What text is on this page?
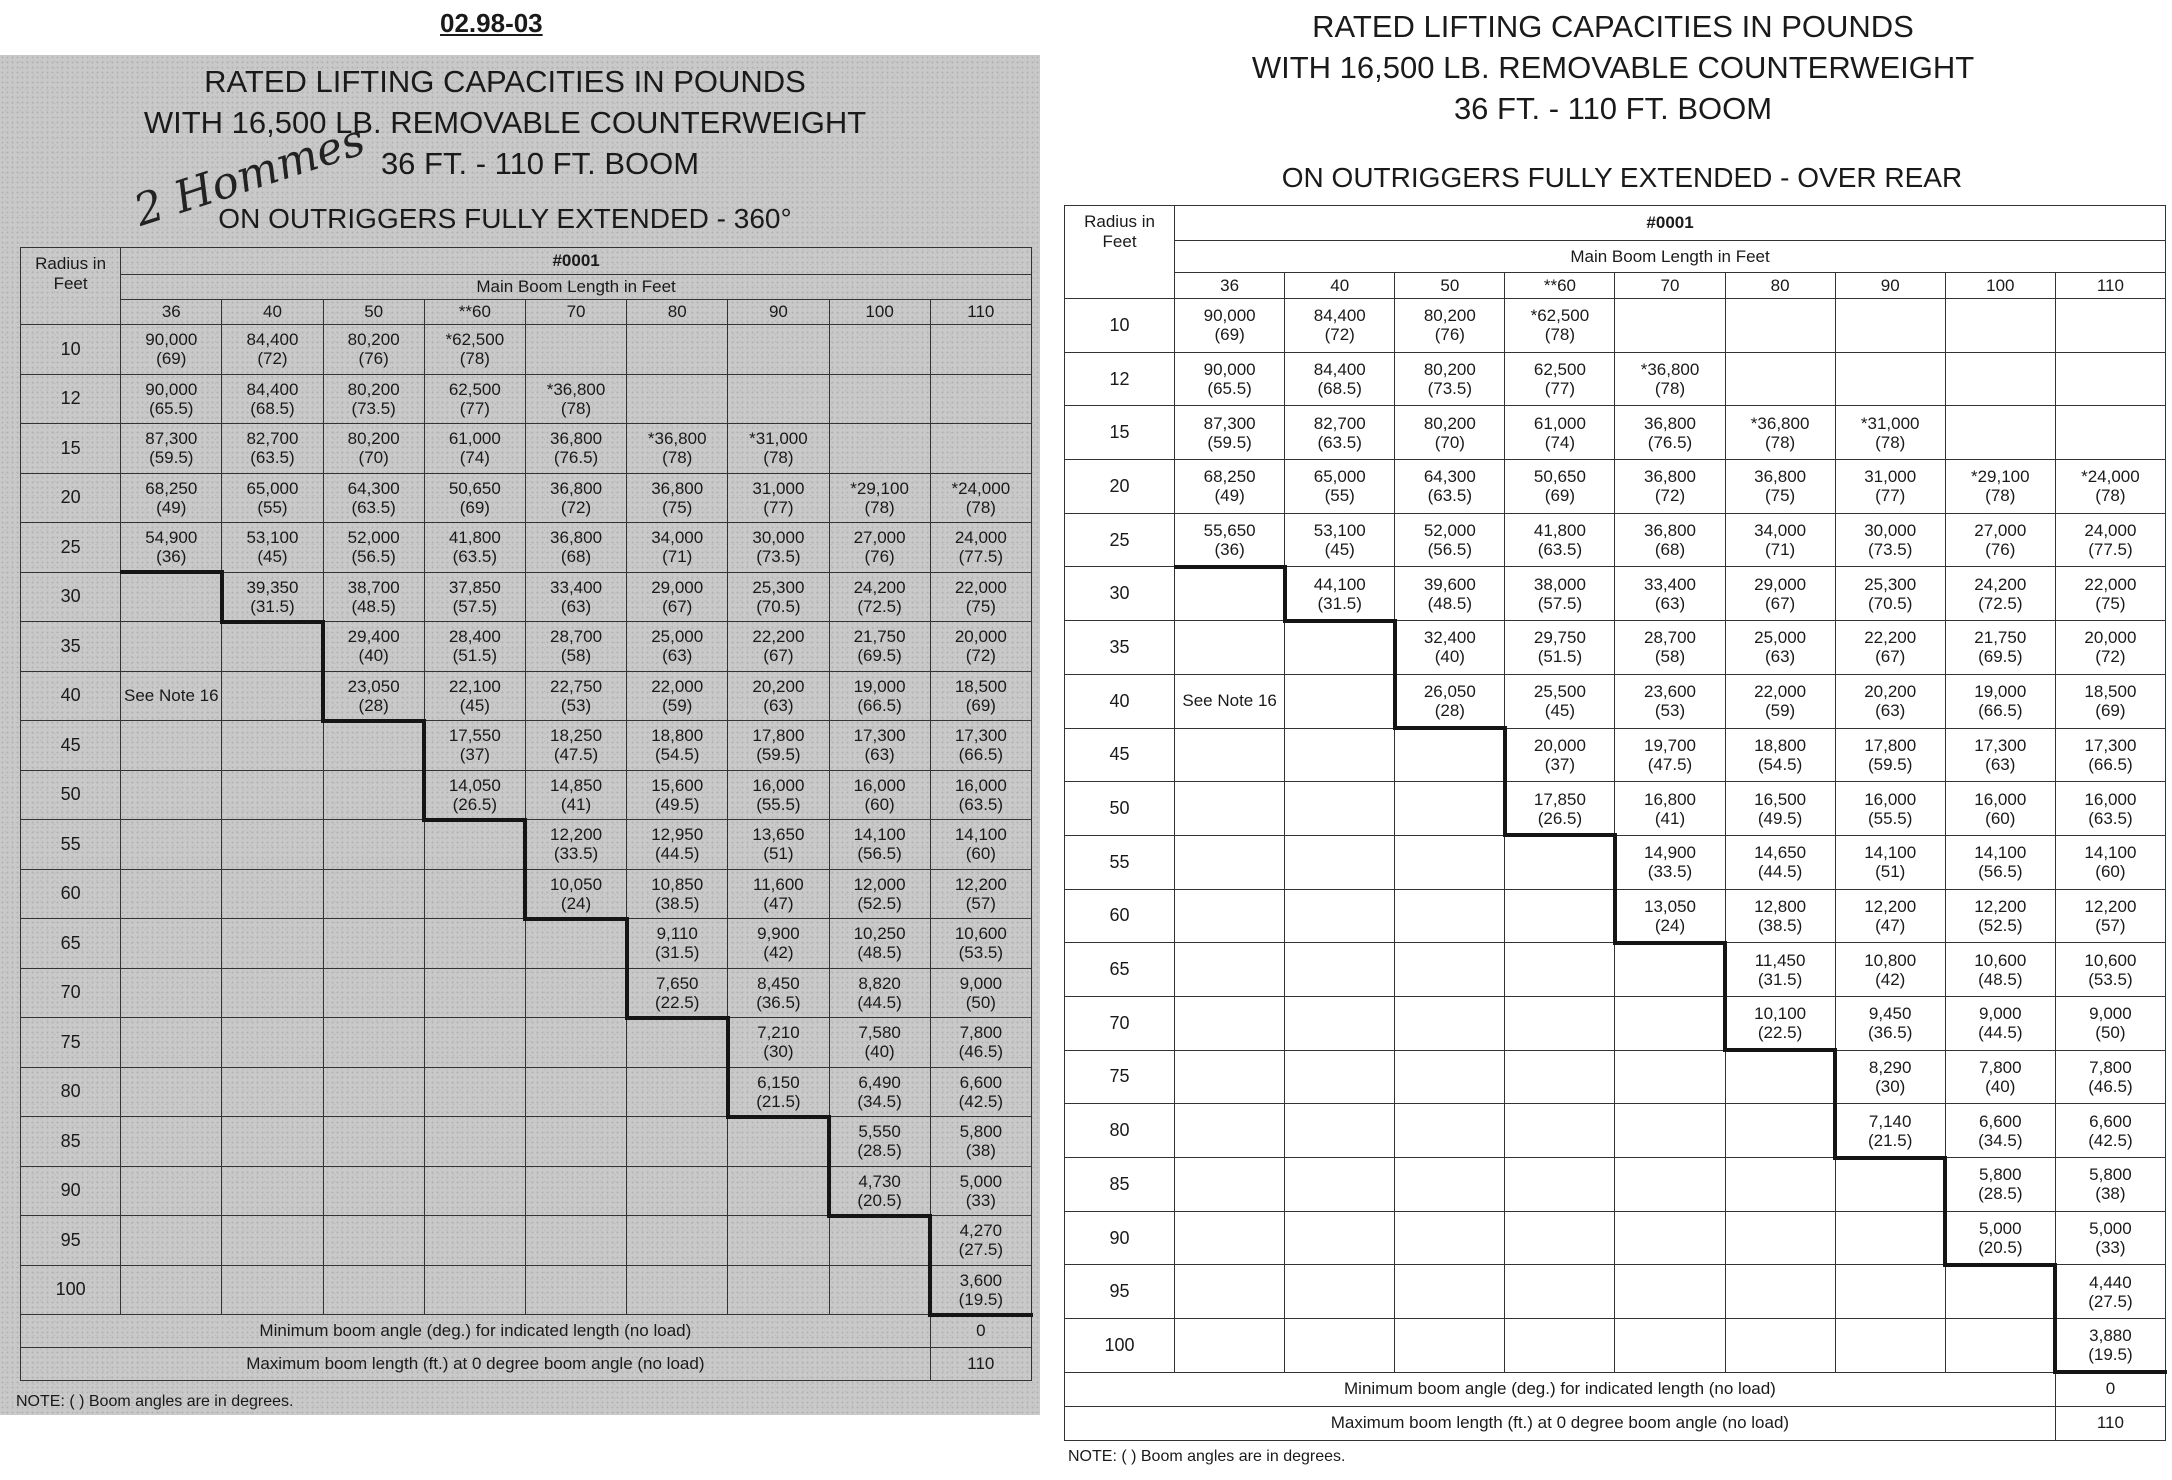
02.98-03
RATED LIFTING CAPACITIES IN POUNDS
WITH 16,500 LB. REMOVABLE COUNTERWEIGHT
36 FT. - 110 FT. BOOM
2 Hommes
ON OUTRIGGERS FULLY EXTENDED - 360°
Radius in Feet	#0001								
	Main Boom Length in Feet								
	36	40	50	**60	70	80	90	100	110
10	90,000
(69)	84,400
(72)	80,200
(76)	*62,500
(78)					

12	90,000
(65.5)	84,400
(68.5)	80,200
(73.5)	62,500
(77)	*36,800
(78)				

15	87,300
(59.5)	82,700
(63.5)	80,200
(70)	61,000
(74)	36,800
(76.5)	*36,800
(78)	*31,000
(78)		

20	68,250
(49)	65,000
(55)	64,300
(63.5)	50,650
(69)	36,800
(72)	36,800
(75)	31,000
(77)	*29,100
(78)	*24,000
(78)

25	54,900
(36)	53,100
(45)	52,000
(56.5)	41,800
(63.5)	36,800
(68)	34,000
(71)	30,000
(73.5)	27,000
(76)	24,000
(77.5)

30		39,350
(31.5)	38,700
(48.5)	37,850
(57.5)	33,400
(63)	29,000
(67)	25,300
(70.5)	24,200
(72.5)	22,000
(75)

35			29,400
(40)	28,400
(51.5)	28,700
(58)	25,000
(63)	22,200
(67)	21,750
(69.5)	20,000
(72)

40	See Note 16		23,050
(28)	22,100
(45)	22,750
(53)	22,000
(59)	20,200
(63)	19,000
(66.5)	18,500
(69)

45				17,550
(37)	18,250
(47.5)	18,800
(54.5)	17,800
(59.5)	17,300
(63)	17,300
(66.5)

50				14,050
(26.5)	14,850
(41)	15,600
(49.5)	16,000
(55.5)	16,000
(60)	16,000
(63.5)

55					12,200
(33.5)	12,950
(44.5)	13,650
(51)	14,100
(56.5)	14,100
(60)

60					10,050
(24)	10,850
(38.5)	11,600
(47)	12,000
(52.5)	12,200
(57)

65						9,110
(31.5)	9,900
(42)	10,250
(48.5)	10,600
(53.5)

70						7,650
(22.5)	8,450
(36.5)	8,820
(44.5)	9,000
(50)

75							7,210
(30)	7,580
(40)	7,800
(46.5)

80							6,150
(21.5)	6,490
(34.5)	6,600
(42.5)

85								5,550
(28.5)	5,800
(38)

90								4,730
(20.5)	5,000
(33)

95									4,270
(27.5)

100									3,600
(19.5)

Minimum boom angle (deg.) for indicated length (no load)									0
Maximum boom length (ft.) at 0 degree boom angle (no load)									110
NOTE: ( ) Boom angles are in degrees.
RATED LIFTING CAPACITIES IN POUNDS
WITH 16,500 LB. REMOVABLE COUNTERWEIGHT
36 FT. - 110 FT. BOOM
ON OUTRIGGERS FULLY EXTENDED - OVER REAR
Radius in Feet	#0001								
	Main Boom Length in Feet								
	36	40	50	**60	70	80	90	100	110
10	90,000
(69)	84,400
(72)	80,200
(76)	*62,500
(78)					

12	90,000
(65.5)	84,400
(68.5)	80,200
(73.5)	62,500
(77)	*36,800
(78)				

15	87,300
(59.5)	82,700
(63.5)	80,200
(70)	61,000
(74)	36,800
(76.5)	*36,800
(78)	*31,000
(78)		

20	68,250
(49)	65,000
(55)	64,300
(63.5)	50,650
(69)	36,800
(72)	36,800
(75)	31,000
(77)	*29,100
(78)	*24,000
(78)

25	55,650
(36)	53,100
(45)	52,000
(56.5)	41,800
(63.5)	36,800
(68)	34,000
(71)	30,000
(73.5)	27,000
(76)	24,000
(77.5)

30		44,100
(31.5)	39,600
(48.5)	38,000
(57.5)	33,400
(63)	29,000
(67)	25,300
(70.5)	24,200
(72.5)	22,000
(75)

35			32,400
(40)	29,750
(51.5)	28,700
(58)	25,000
(63)	22,200
(67)	21,750
(69.5)	20,000
(72)

40	See Note 16		26,050
(28)	25,500
(45)	23,600
(53)	22,000
(59)	20,200
(63)	19,000
(66.5)	18,500
(69)

45				20,000
(37)	19,700
(47.5)	18,800
(54.5)	17,800
(59.5)	17,300
(63)	17,300
(66.5)

50				17,850
(26.5)	16,800
(41)	16,500
(49.5)	16,000
(55.5)	16,000
(60)	16,000
(63.5)

55					14,900
(33.5)	14,650
(44.5)	14,100
(51)	14,100
(56.5)	14,100
(60)

60					13,050
(24)	12,800
(38.5)	12,200
(47)	12,200
(52.5)	12,200
(57)

65						11,450
(31.5)	10,800
(42)	10,600
(48.5)	10,600
(53.5)

70						10,100
(22.5)	9,450
(36.5)	9,000
(44.5)	9,000
(50)

75							8,290
(30)	7,800
(40)	7,800
(46.5)

80							7,140
(21.5)	6,600
(34.5)	6,600
(42.5)

85								5,800
(28.5)	5,800
(38)

90								5,000
(20.5)	5,000
(33)

95									4,440
(27.5)

100									3,880
(19.5)

Minimum boom angle (deg.) for indicated length (no load)									0
Maximum boom length (ft.) at 0 degree boom angle (no load)									110
NOTE: ( ) Boom angles are in degrees.
